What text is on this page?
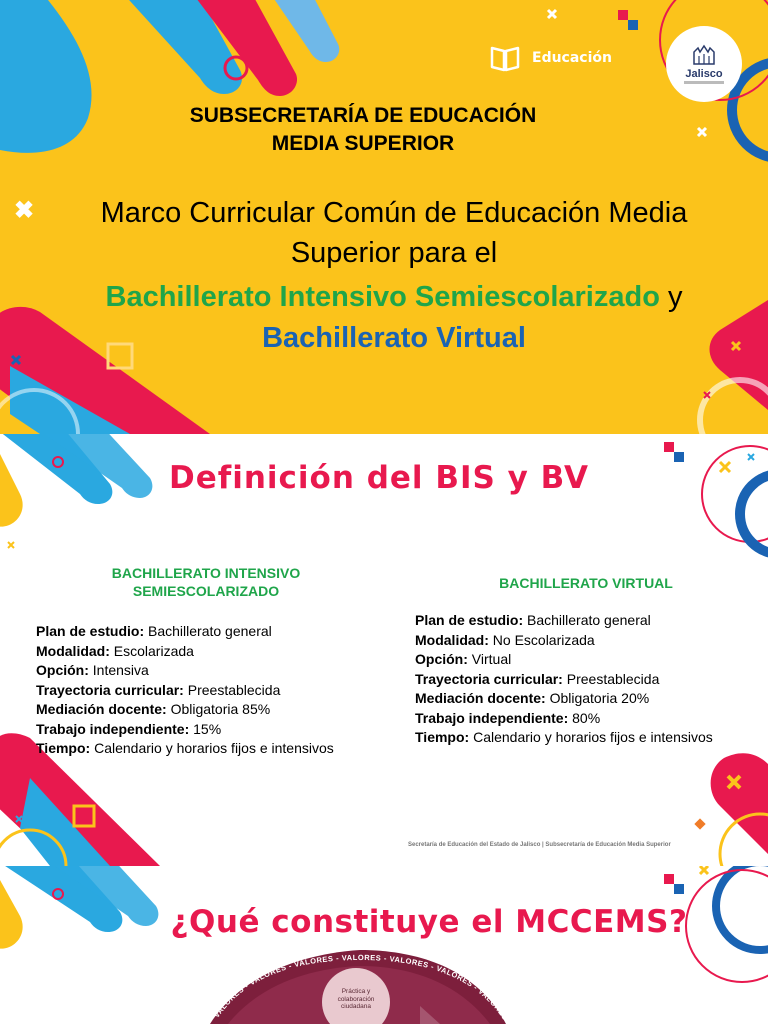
Educación
Jalisco
SUBSECRETARÍA DE EDUCACIÓN
MEDIA SUPERIOR
✖	Marco Curricular Común de Educación Media
Superior para el
Bachillerato Intensivo Semiescolarizado y
Bachillerato Virtual
Definición del BIS y BV
BACHILLERATO INTENSIVO
SEMIESCOLARIZADO
Plan de estudio: Bachillerato general
Modalidad: Escolarizada
Opción: Intensiva
Trayectoria curricular: Preestablecida
Mediación docente: Obligatoria 85%
Trabajo independiente: 15%
Tiempo: Calendario y horarios fijos e intensivos
BACHILLERATO VIRTUAL
Plan de estudio: Bachillerato general
Modalidad: No Escolarizada
Opción: Virtual
Trayectoria curricular: Preestablecida
Mediación docente: Obligatoria 20%
Trabajo independiente: 80%
Tiempo: Calendario y horarios fijos e intensivos
Secretaría de Educación del Estado de Jalisco | Subsecretaría de Educación Media Superior
¿Qué constituye el MCCEMS?
VALORES - VALORES - VALORES - VALORES - VALORES - VALORES - VALORES
Práctica y colaboración ciudadana
